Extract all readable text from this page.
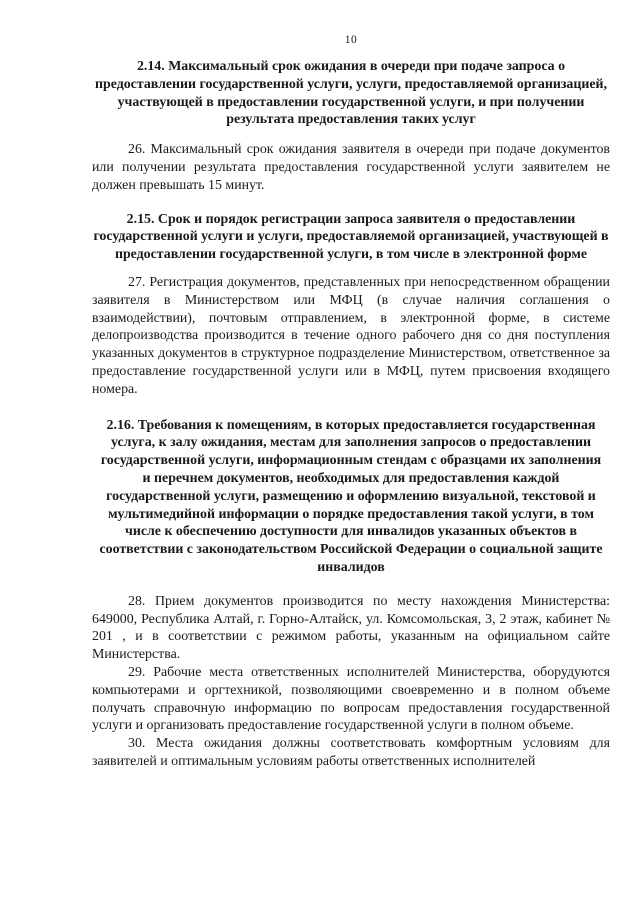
10

2.14. Максимальный срок ожидания в очереди при подаче запроса о предоставлении государственной услуги, услуги, предоставляемой организацией, участвующей в предоставлении государственной услуги, и при получении результата предоставления таких услуг

26. Максимальный срок ожидания заявителя в очереди при подаче документов или получении результата предоставления государственной услуги заявителем не должен превышать 15 минут.

2.15. Срок и порядок регистрации запроса заявителя о предоставлении государственной услуги и услуги, предоставляемой организацией, участвующей в предоставлении государственной услуги, в том числе в электронной форме

27. Регистрация документов, представленных при непосредственном обращении заявителя в Министерством или МФЦ (в случае наличия соглашения о взаимодействии), почтовым отправлением, в электронной форме, в системе делопроизводства производится в течение одного рабочего дня со дня поступления указанных документов в структурное подразделение Министерством, ответственное за предоставление государственной услуги или в МФЦ, путем присвоения входящего номера.

2.16. Требования к помещениям, в которых предоставляется государственная услуга, к залу ожидания, местам для заполнения запросов о предоставлении государственной услуги, информационным стендам с образцами их заполнения и перечнем документов, необходимых для предоставления каждой государственной услуги, размещению и оформлению визуальной, текстовой и мультимедийной информации о порядке предоставления такой услуги, в том числе к обеспечению доступности для инвалидов указанных объектов в соответствии с законодательством Российской Федерации о социальной защите инвалидов

28. Прием документов производится по месту нахождения Министерства: 649000, Республика Алтай, г. Горно-Алтайск, ул. Комсомольская, 3, 2 этаж, кабинет № 201 , и в соответствии с режимом работы, указанным на официальном сайте Министерства.

29. Рабочие места ответственных исполнителей Министерства, оборудуются компьютерами и оргтехникой, позволяющими своевременно и в полном объеме получать справочную информацию по вопросам предоставления государственной услуги и организовать предоставление государственной услуги в полном объеме.

30. Места ожидания должны соответствовать комфортным условиям для заявителей и оптимальным условиям работы ответственных исполнителей
